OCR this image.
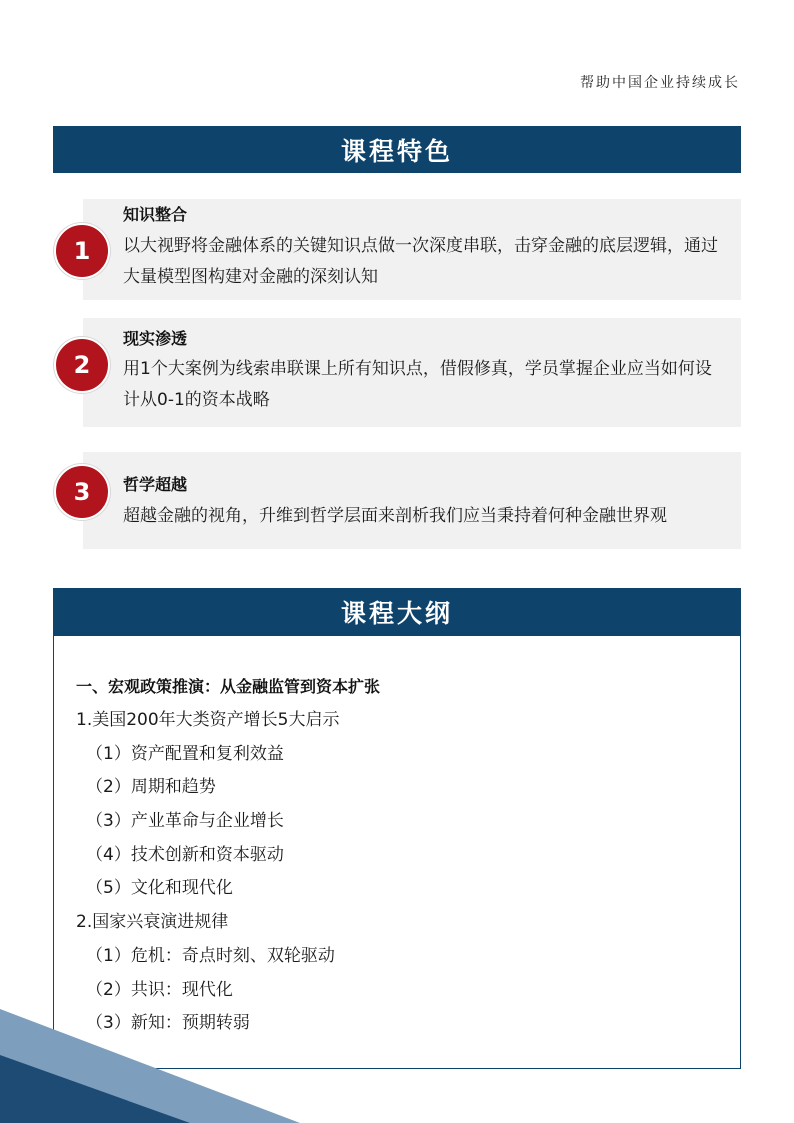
帮助中国企业持续成长
课程特色
知识整合
以大视野将金融体系的关键知识点做一次深度串联，击穿金融的底层逻辑，通过大量模型图构建对金融的深刻认知
1
现实渗透
用1个大案例为线索串联课上所有知识点，借假修真，学员掌握企业应当如何设计从0-1的资本战略
2
哲学超越
超越金融的视角，升维到哲学层面来剖析我们应当秉持着何种金融世界观
3
课程大纲
一、宏观政策推演：从金融监管到资本扩张
1.美国200年大类资产增长5大启示
（1）资产配置和复利效益
（2）周期和趋势
（3）产业革命与企业增长
（4）技术创新和资本驱动
（5）文化和现代化
2.国家兴衰演进规律
（1）危机：奇点时刻、双轮驱动
（2）共识：现代化
（3）新知：预期转弱
